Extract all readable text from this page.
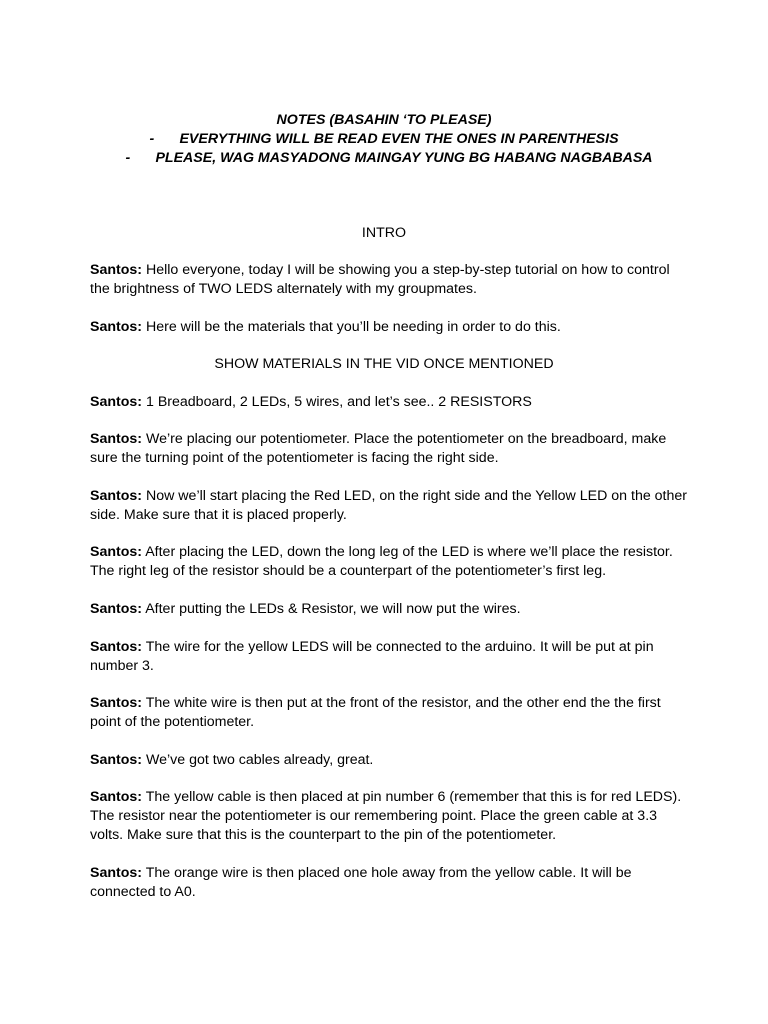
NOTES (BASAHIN ‘TO PLEASE)
- EVERYTHING WILL BE READ EVEN THE ONES IN PARENTHESIS
- PLEASE, WAG MASYADONG MAINGAY YUNG BG HABANG NAGBABASA
INTRO
Santos: Hello everyone, today I will be showing you a step-by-step tutorial on how to control the brightness of TWO LEDS alternately with my groupmates.
Santos: Here will be the materials that you’ll be needing in order to do this.
SHOW MATERIALS IN THE VID ONCE MENTIONED
Santos: 1 Breadboard, 2 LEDs, 5 wires, and let’s see.. 2 RESISTORS
Santos: We’re placing our potentiometer. Place the potentiometer on the breadboard, make sure the turning point of the potentiometer is facing the right side.
Santos: Now we’ll start placing the Red LED, on the right side and the Yellow LED on the other side. Make sure that it is placed properly.
Santos: After placing the LED, down the long leg of the LED is where we’ll place the resistor. The right leg of the resistor should be a counterpart of the potentiometer’s first leg.
Santos: After putting the LEDs & Resistor, we will now put the wires.
Santos: The wire for the yellow LEDS will be connected to the arduino. It will be put at pin number 3.
Santos: The white wire is then put at the front of the resistor, and the other end the the first point of the potentiometer.
Santos: We’ve got two cables already, great.
Santos: The yellow cable is then placed at pin number 6 (remember that this is for red LEDS). The resistor near the potentiometer is our remembering point. Place the green cable at 3.3 volts. Make sure that this is the counterpart to the pin of the potentiometer.
Santos: The orange wire is then placed one hole away from the yellow cable. It will be connected to A0.
